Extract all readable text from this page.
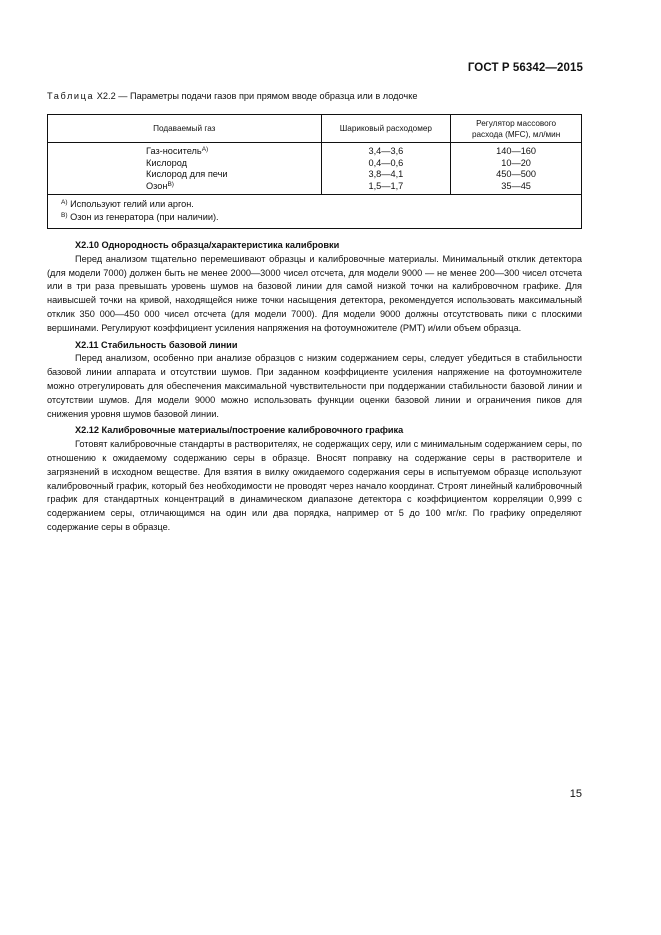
ГОСТ Р 56342—2015
Таблица X2.2 — Параметры подачи газов при прямом вводе образца или в лодочке
Подаваемый газ	Шариковый расходомер	Регулятор массового расхода (MFC), мл/мин
Газ-носитель$^{A)}$	3,4—3,6	140—160
Кислород	0,4—0,6	10—20
Кислород для печи	3,8—4,1	450—500
Озон$^{B)}$	1,5—1,7	35—45

$^{A)}$ Используют гелий или аргон.
$^{B)}$ Озон из генератора (при наличии).		
X2.10 Однородность образца/характеристика калибровки

Перед анализом тщательно перемешивают образцы и калибровочные материалы. Минимальный отклик детектора (для модели 7000) должен быть не менее 2000—3000 чисел отсчета, для модели 9000 — не менее 200—300 чисел отсчета или в три раза превышать уровень шумов на базовой линии для самой низкой точки на калибровочном графике. Для наивысшей точки на кривой, находящейся ниже точки насыщения детектора, рекомендуется использовать максимальный отклик 350 000—450 000 чисел отсчета (для модели 7000). Для модели 9000 должны отсутствовать пики с плоскими вершинами. Регулируют коэффициент усиления напряжения на фотоумножителе (PMT) и/или объем образца.

X2.11 Стабильность базовой линии

Перед анализом, особенно при анализе образцов с низким содержанием серы, следует убедиться в стабильности базовой линии аппарата и отсутствии шумов. При заданном коэффициенте усиления напряжение на фотоумножителе можно отрегулировать для обеспечения максимальной чувствительности при поддержании стабильности базовой линии и отсутствии шумов. Для модели 9000 можно использовать функции оценки базовой линии и ограничения пиков для снижения уровня шумов базовой линии.

X2.12 Калибровочные материалы/построение калибровочного графика

Готовят калибровочные стандарты в растворителях, не содержащих серу, или с минимальным содержанием серы, по отношению к ожидаемому содержанию серы в образце. Вносят поправку на содержание серы в растворителе и загрязнений в исходном веществе. Для взятия в вилку ожидаемого содержания серы в испытуемом образце используют калибровочный график, который без необходимости не проводят через начало координат. Строят линейный калибровочный график для стандартных концентраций в динамическом диапазоне детектора с коэффициентом корреляции 0,999 с содержанием серы, отличающимся на один или два порядка, например от 5 до 100 мг/кг. По графику определяют содержание серы в образце.

15
